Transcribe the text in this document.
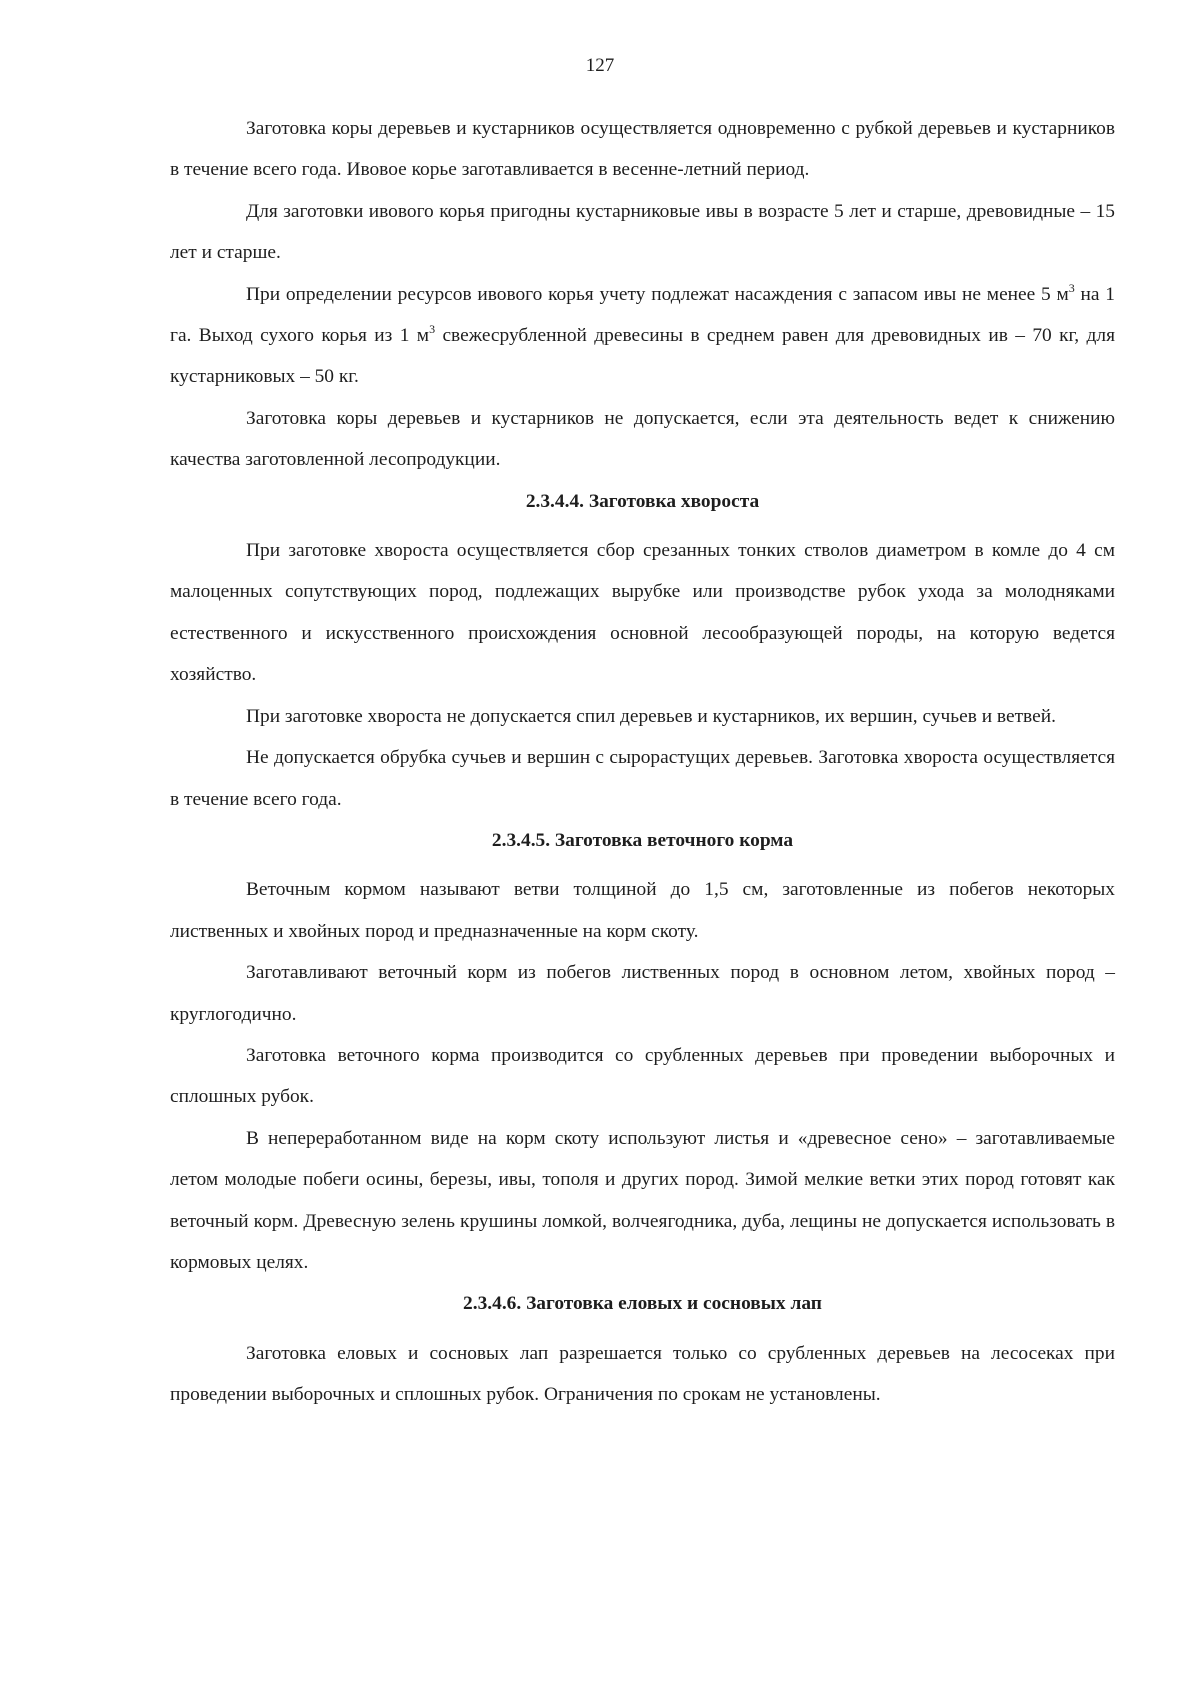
127

Заготовка коры деревьев и кустарников осуществляется одновременно с рубкой деревьев и кустарников в течение всего года. Ивовое корье заготавливается в весенне-летний период.

Для заготовки ивового корья пригодны кустарниковые ивы в возрасте 5 лет и старше, древовидные – 15 лет и старше.

При определении ресурсов ивового корья учету подлежат насаждения с запасом ивы не менее 5 $м^3$ на 1 га. Выход сухого корья из 1 $м^3$ свежесрубленной древесины в среднем равен для древовидных ив – 70 кг, для кустарниковых – 50 кг.

Заготовка коры деревьев и кустарников не допускается, если эта деятельность ведет к снижению качества заготовленной лесопродукции.

2.3.4.4. Заготовка хвороста

При заготовке хвороста осуществляется сбор срезанных тонких стволов диаметром в комле до 4 см малоценных сопутствующих пород, подлежащих вырубке или производстве рубок ухода за молодняками естественного и искусственного происхождения основной лесообразующей породы, на которую ведется хозяйство.

При заготовке хвороста не допускается спил деревьев и кустарников, их вершин, сучьев и ветвей.

Не допускается обрубка сучьев и вершин с сырорастущих деревьев. Заготовка хвороста осуществляется в течение всего года.

2.3.4.5. Заготовка веточного корма

Веточным кормом называют ветви толщиной до 1,5 см, заготовленные из побегов некоторых лиственных и хвойных пород и предназначенные на корм скоту.

Заготавливают веточный корм из побегов лиственных пород в основном летом, хвойных пород – круглогодично.

Заготовка веточного корма производится со срубленных деревьев при проведении выборочных и сплошных рубок.

В непереработанном виде на корм скоту используют листья и «древесное сено» – заготавливаемые летом молодые побеги осины, березы, ивы, тополя и других пород. Зимой мелкие ветки этих пород готовят как веточный корм. Древесную зелень крушины ломкой, волчеягодника, дуба, лещины не допускается использовать в кормовых целях.

2.3.4.6. Заготовка еловых и сосновых лап

Заготовка еловых и сосновых лап разрешается только со срубленных деревьев на лесосеках при проведении выборочных и сплошных рубок. Ограничения по срокам не установлены.
